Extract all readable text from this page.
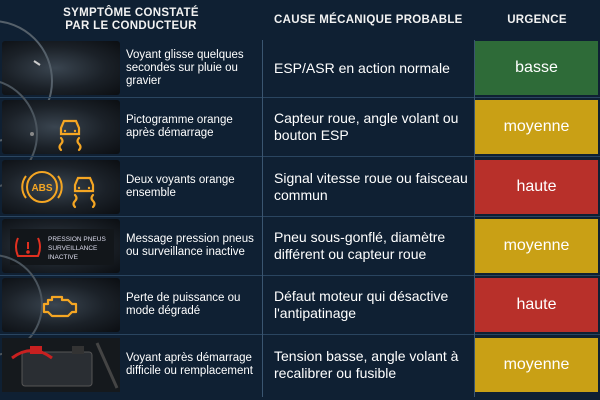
SYMPTÔME CONSTATÉ
PAR LE CONDUCTEUR
CAUSE MÉCANIQUE PROBABLE	URGENCE
Voyant glisse quelques secondes sur pluie ou gravier
ESP/ASR en action normale	basse
Pictogramme orange après démarrage
Capteur roue, angle volant ou bouton ESP	moyenne
ABS
Deux voyants orange ensemble
Signal vitesse roue ou faisceau commun	haute
PRESSION PNEUS
SURVEILLANCE
INACTIVE
Message pression pneus ou surveillance inactive
Pneu sous-gonflé, diamètre différent ou capteur roue	moyenne
Perte de puissance ou mode dégradé
Défaut moteur qui désactive l'antipatinage	haute
Voyant après démarrage difficile ou remplacement
Tension basse, angle volant à recalibrer ou fusible	moyenne
